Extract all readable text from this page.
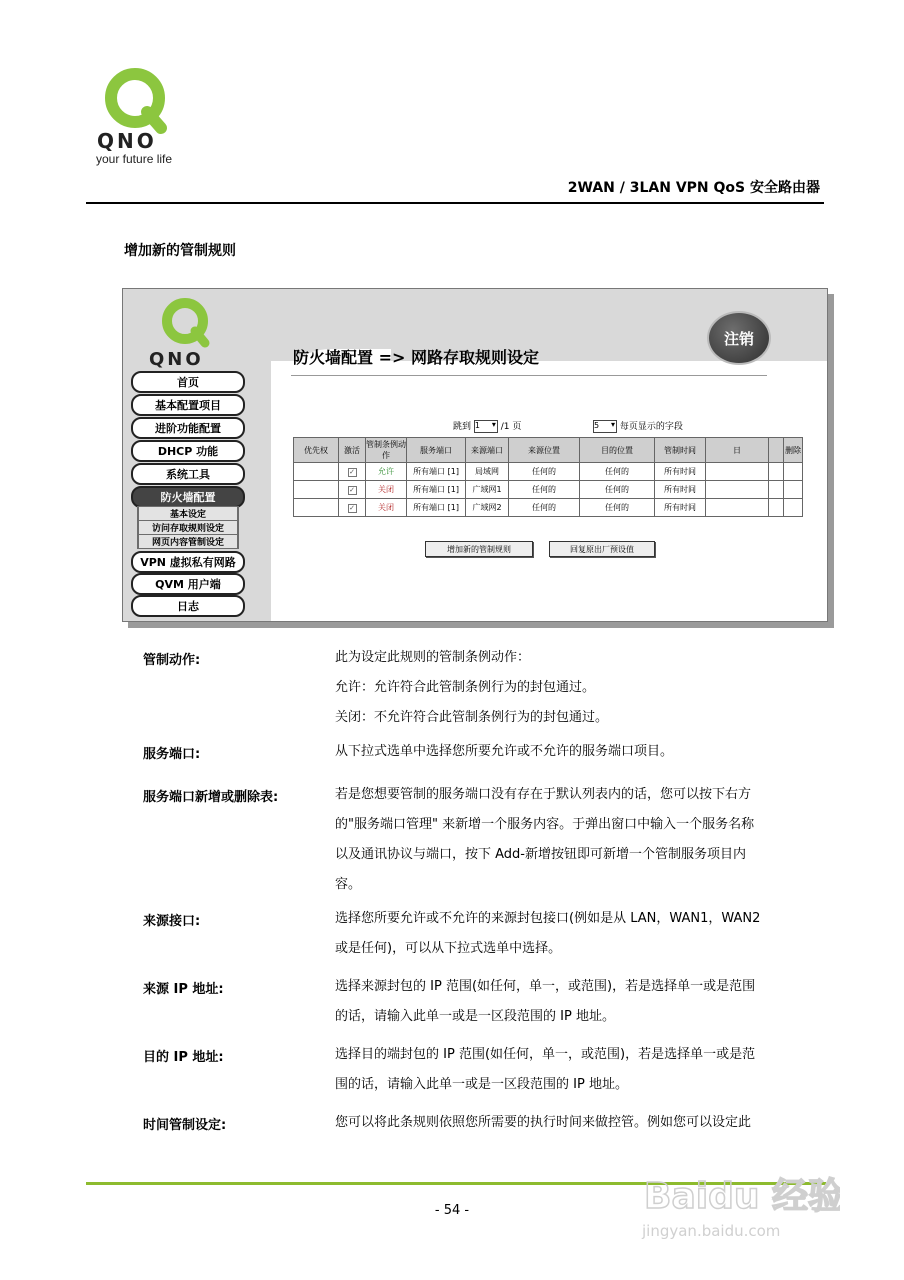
QNO
your future life
2WAN / 3LAN VPN QoS 安全路由器
增加新的管制规则
QNO
注销
防火墙配置 => 网路存取规则设定
首页
基本配置项目
进阶功能配置
DHCP 功能
系统工具
防火墙配置
基本设定
访问存取规则设定
网页内容管制设定
VPN 虚拟私有网路
QVM 用户端
日志
跳到 1 ▾ /1 页	5 ▾ 每页显示的字段
优先权	激活	管制条例动作	服务端口	来源端口	来源位置	目的位置	管制时间	日		删除
	✓	允许	所有端口 [1]	局域网	任何的	任何的	所有时间			
	✓	关闭	所有端口 [1]	广域网1	任何的	任何的	所有时间			
	✓	关闭	所有端口 [1]	广域网2	任何的	任何的	所有时间			
增加新的管制规则	回复原出厂预设值
管制动作:	此为设定此规则的管制条例动作：
允许：允许符合此管制条例行为的封包通过。
关闭：不允许符合此管制条例行为的封包通过。
服务端口:	从下拉式选单中选择您所要允许或不允许的服务端口项目。
服务端口新增或删除表:	若是您想要管制的服务端口没有存在于默认列表内的话，您可以按下右方
的"服务端口管理" 来新增一个服务内容。于弹出窗口中输入一个服务名称
以及通讯协议与端口，按下 Add-新增按钮即可新增一个管制服务项目内
容。
来源接口:	选择您所要允许或不允许的来源封包接口(例如是从 LAN，WAN1，WAN2
或是任何)，可以从下拉式选单中选择。
来源 IP 地址:	选择来源封包的 IP 范围(如任何，单一，或范围)，若是选择单一或是范围
的话，请输入此单一或是一区段范围的 IP 地址。
目的 IP 地址:	选择目的端封包的 IP 范围(如任何，单一，或范围)，若是选择单一或是范
围的话，请输入此单一或是一区段范围的 IP 地址。
时间管制设定:	您可以将此条规则依照您所需要的执行时间来做控管。例如您可以设定此
- 54 -	Baidu 经验
jingyan.baidu.com
